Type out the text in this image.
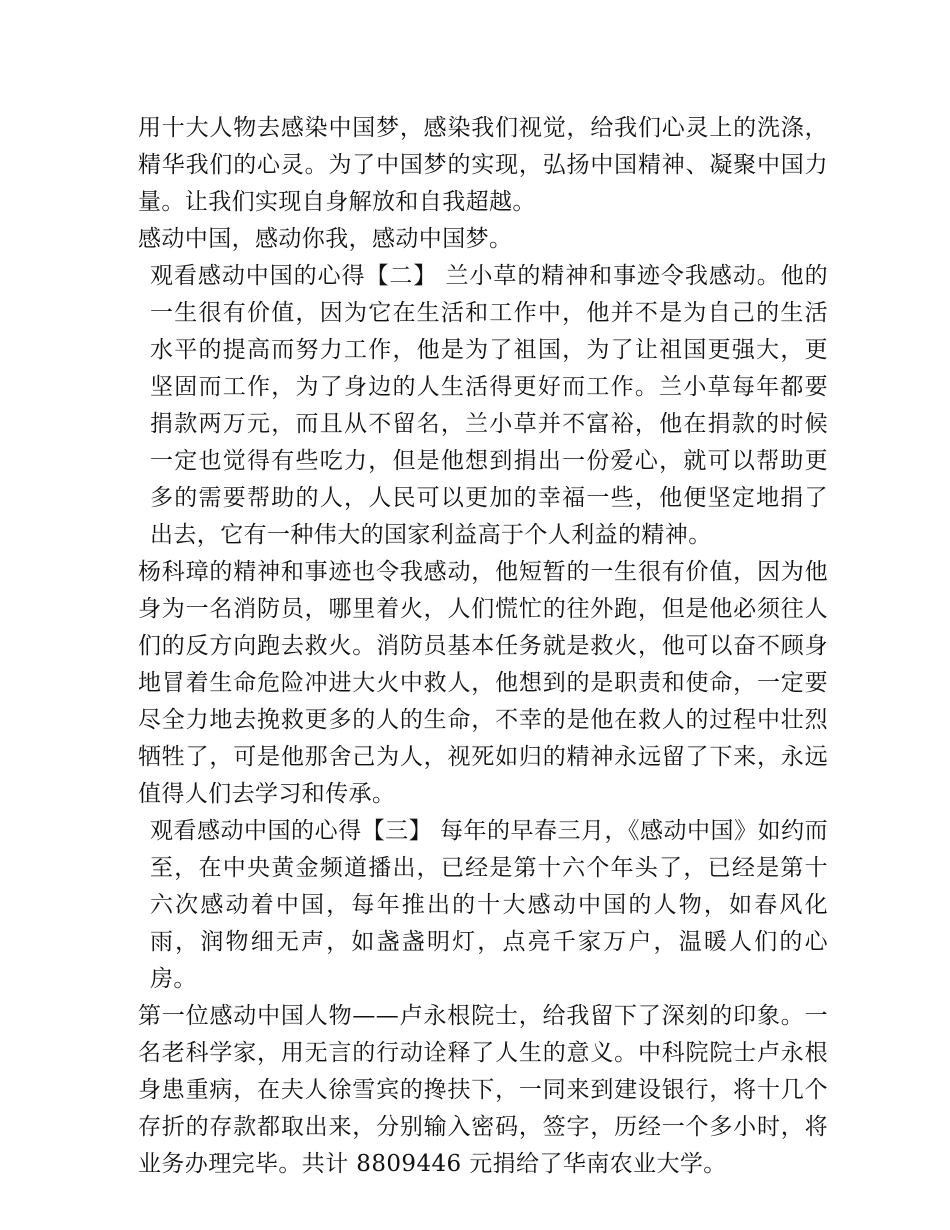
用十大人物去感染中国梦，感染我们视觉，给我们心灵上的洗涤，精华我们的心灵。为了中国梦的实现，弘扬中国精神、凝聚中国力量。让我们实现自身解放和自我超越。

感动中国，感动你我，感动中国梦。

观看感动中国的心得【二】 兰小草的精神和事迹令我感动。他的一生很有价值，因为它在生活和工作中，他并不是为自己的生活水平的提高而努力工作，他是为了祖国，为了让祖国更强大，更坚固而工作，为了身边的人生活得更好而工作。兰小草每年都要捐款两万元，而且从不留名，兰小草并不富裕，他在捐款的时候一定也觉得有些吃力，但是他想到捐出一份爱心，就可以帮助更多的需要帮助的人，人民可以更加的幸福一些，他便坚定地捐了出去，它有一种伟大的国家利益高于个人利益的精神。

杨科璋的精神和事迹也令我感动，他短暂的一生很有价值，因为他身为一名消防员，哪里着火，人们慌忙的往外跑，但是他必须往人们的反方向跑去救火。消防员基本任务就是救火，他可以奋不顾身地冒着生命危险冲进大火中救人，他想到的是职责和使命，一定要尽全力地去挽救更多的人的生命，不幸的是他在救人的过程中壮烈牺牲了，可是他那舍己为人，视死如归的精神永远留了下来，永远值得人们去学习和传承。

观看感动中国的心得【三】 每年的早春三月，《感动中国》如约而至，在中央黄金频道播出，已经是第十六个年头了，已经是第十六次感动着中国，每年推出的十大感动中国的人物，如春风化雨，润物细无声，如盏盏明灯，点亮千家万户，温暖人们的心房。

第一位感动中国人物——卢永根院士，给我留下了深刻的印象。一名老科学家，用无言的行动诠释了人生的意义。中科院院士卢永根身患重病，在夫人徐雪宾的搀扶下，一同来到建设银行，将十几个存折的存款都取出来，分别输入密码，签字，历经一个多小时，将业务办理完毕。共计 8809446 元捐给了华南农业大学。
